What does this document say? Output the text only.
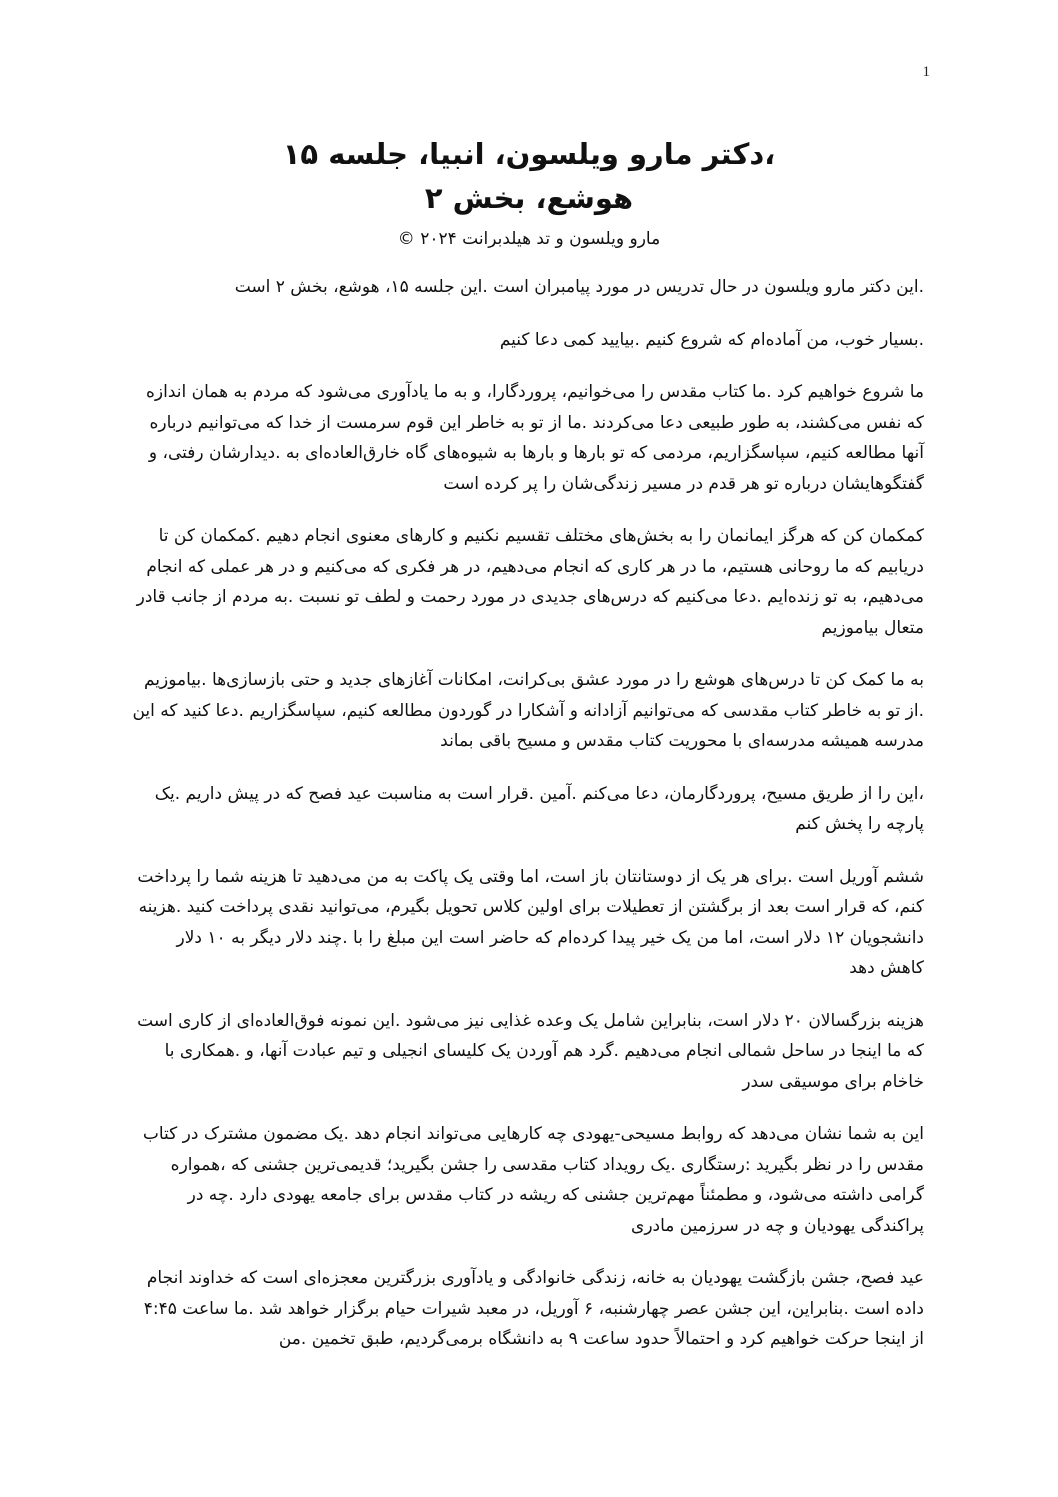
1
،دکتر مارو ویلسون، انبیا، جلسه ۱۵
هوشع، بخش ۲
مارو ویلسون و تد هیلدبرانت ۲۰۲۴ ©

.این دکتر مارو ویلسون در حال تدریس در مورد پیامبران است .این جلسه ۱۵، هوشع، بخش ۲ است

.بسیار خوب، من آماده‌ام که شروع کنیم .بیایید کمی دعا کنیم

ما شروع خواهیم کرد .ما کتاب مقدس را می‌خوانیم، پروردگارا، و به ما یادآوری می‌شود که مردم به همان اندازه که نفس می‌کشند، به طور طبیعی دعا می‌کردند .ما از تو به خاطر این قوم سرمست از خدا که می‌توانیم درباره آنها مطالعه کنیم، سپاسگزاریم، مردمی که تو بارها و بارها به شیوه‌های گاه خارق‌العاده‌ای به .دیدارشان رفتی، و گفتگوهایشان درباره تو هر قدم در مسیر زندگی‌شان را پر کرده است

کمکمان کن که هرگز ایمانمان را به بخش‌های مختلف تقسیم نکنیم و کارهای معنوی انجام دهیم .کمکمان کن تا دریابیم که ما روحانی هستیم، ما در هر کاری که انجام می‌دهیم، در هر فکری که می‌کنیم و در هر عملی که انجام می‌دهیم، به تو زنده‌ایم .دعا می‌کنیم که درس‌های جدیدی در مورد رحمت و لطف تو نسبت .به مردم از جانب قادر متعال بیاموزیم

به ما کمک کن تا درس‌های هوشع را در مورد عشق بی‌کرانت، امکانات آغازهای جدید و حتی بازسازی‌ها .بیاموزیم .از تو به خاطر کتاب مقدسی که می‌توانیم آزادانه و آشکارا در گوردون مطالعه کنیم، سپاسگزاریم .دعا کنید که این مدرسه همیشه مدرسه‌ای با محوریت کتاب مقدس و مسیح باقی بماند

،این را از طریق مسیح، پروردگارمان، دعا می‌کنم .آمین .قرار است به مناسبت عید فصح که در پیش داریم .یک پارچه را پخش کنم

ششم آوریل است .برای هر یک از دوستانتان باز است، اما وقتی یک پاکت به من می‌دهید تا هزینه شما را پرداخت کنم، که قرار است بعد از برگشتن از تعطیلات برای اولین کلاس تحویل بگیرم، می‌توانید نقدی پرداخت کنید .هزینه دانشجویان ۱۲ دلار است، اما من یک خیر پیدا کرده‌ام که حاضر است این مبلغ را با .چند دلار دیگر به ۱۰ دلار کاهش دهد

هزینه بزرگسالان ۲۰ دلار است، بنابراین شامل یک وعده غذایی نیز می‌شود .این نمونه فوق‌العاده‌ای از کاری است که ما اینجا در ساحل شمالی انجام می‌دهیم .گرد هم آوردن یک کلیسای انجیلی و تیم عبادت آنها، و .همکاری با خاخام برای موسیقی سدر

این به شما نشان می‌دهد که روابط مسیحی-یهودی چه کارهایی می‌تواند انجام دهد .یک مضمون مشترک در کتاب مقدس را در نظر بگیرید :رستگاری .یک رویداد کتاب مقدسی را جشن بگیرید؛ قدیمی‌ترین جشنی که ،همواره گرامی داشته می‌شود، و مطمئناً مهم‌ترین جشنی که ریشه در کتاب مقدس برای جامعه یهودی دارد .چه در پراکندگی یهودیان و چه در سرزمین مادری

عید فصح، جشن بازگشت یهودیان به خانه، زندگی خانوادگی و یادآوری بزرگترین معجزه‌ای است که خداوند انجام داده است .بنابراین، این جشن عصر چهارشنبه، ۶ آوریل، در معبد شیرات حیام برگزار خواهد شد .ما ساعت ۴:۴۵ از اینجا حرکت خواهیم کرد و احتمالاً حدود ساعت ۹ به دانشگاه برمی‌گردیم، طبق تخمین .من
